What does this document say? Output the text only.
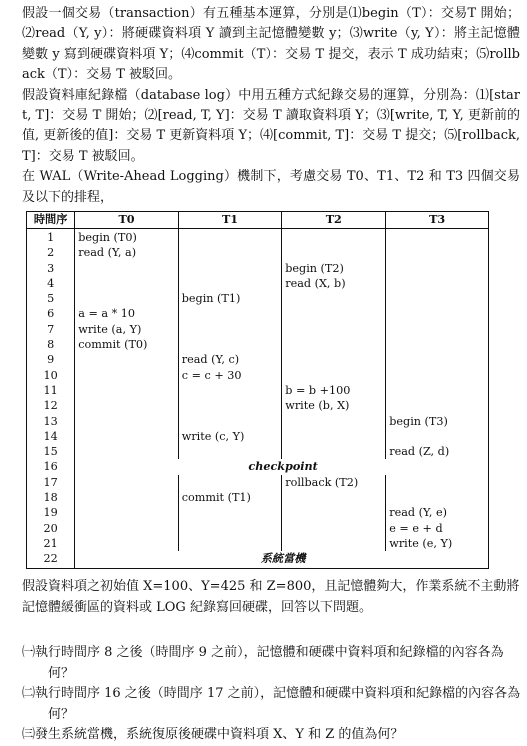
假設一個交易（transaction）有五種基本運算，分別是⑴begin（T）：交易T 開始；⑵read（Y, y）：將硬碟資料項 Y 讀到主記憶體變數 y；⑶write（y, Y）：將主記憶體變數 y 寫到硬碟資料項 Y；⑷commit（T）：交易 T 提交，表示 T 成功結束；⑸rollback（T）：交易 T 被駁回。

假設資料庫紀錄檔（database log）中用五種方式紀錄交易的運算，分別為：⑴[start, T]：交易 T 開始；⑵[read, T, Y]：交易 T 讀取資料項 Y；⑶[write, T, Y, 更新前的值, 更新後的值]：交易 T 更新資料項 Y；⑷[commit, T]：交易 T 提交；⑸[rollback, T]：交易 T 被駁回。

在 WAL（Write-Ahead Logging）機制下，考慮交易 T0、T1、T2 和 T3 四個交易及以下的排程，

時間序	T0	T1	T2	T3
1	begin (T0)			
2	read (Y, a)			
3			begin (T2)	
4			read (X, b)	
5		begin (T1)		
6	a = a * 10			
7	write (a, Y)			
8	commit (T0)			
9		read (Y, c)		
10		c = c + 30		
11			b = b +100	
12			write (b, X)	
13				begin (T3)
14		write (c, Y)		
15				read (Z, d)
16	checkpoint			
17			rollback (T2)	
18		commit (T1)		
19				read (Y, e)
20				e = e + d
21				write (e, Y)
22	系統當機			

假設資料項之初始值 X=100、Y=425 和 Z=800，且記憶體夠大，作業系統不主動將記憶體緩衝區的資料或 LOG 紀錄寫回硬碟，回答以下問題。

㈠執行時間序 8 之後（時間序 9 之前），記憶體和硬碟中資料項和紀錄檔的內容各為何？

㈡執行時間序 16 之後（時間序 17 之前），記憶體和硬碟中資料項和紀錄檔的內容各為何？

㈢發生系統當機，系統復原後硬碟中資料項 X、Y 和 Z 的值為何？
